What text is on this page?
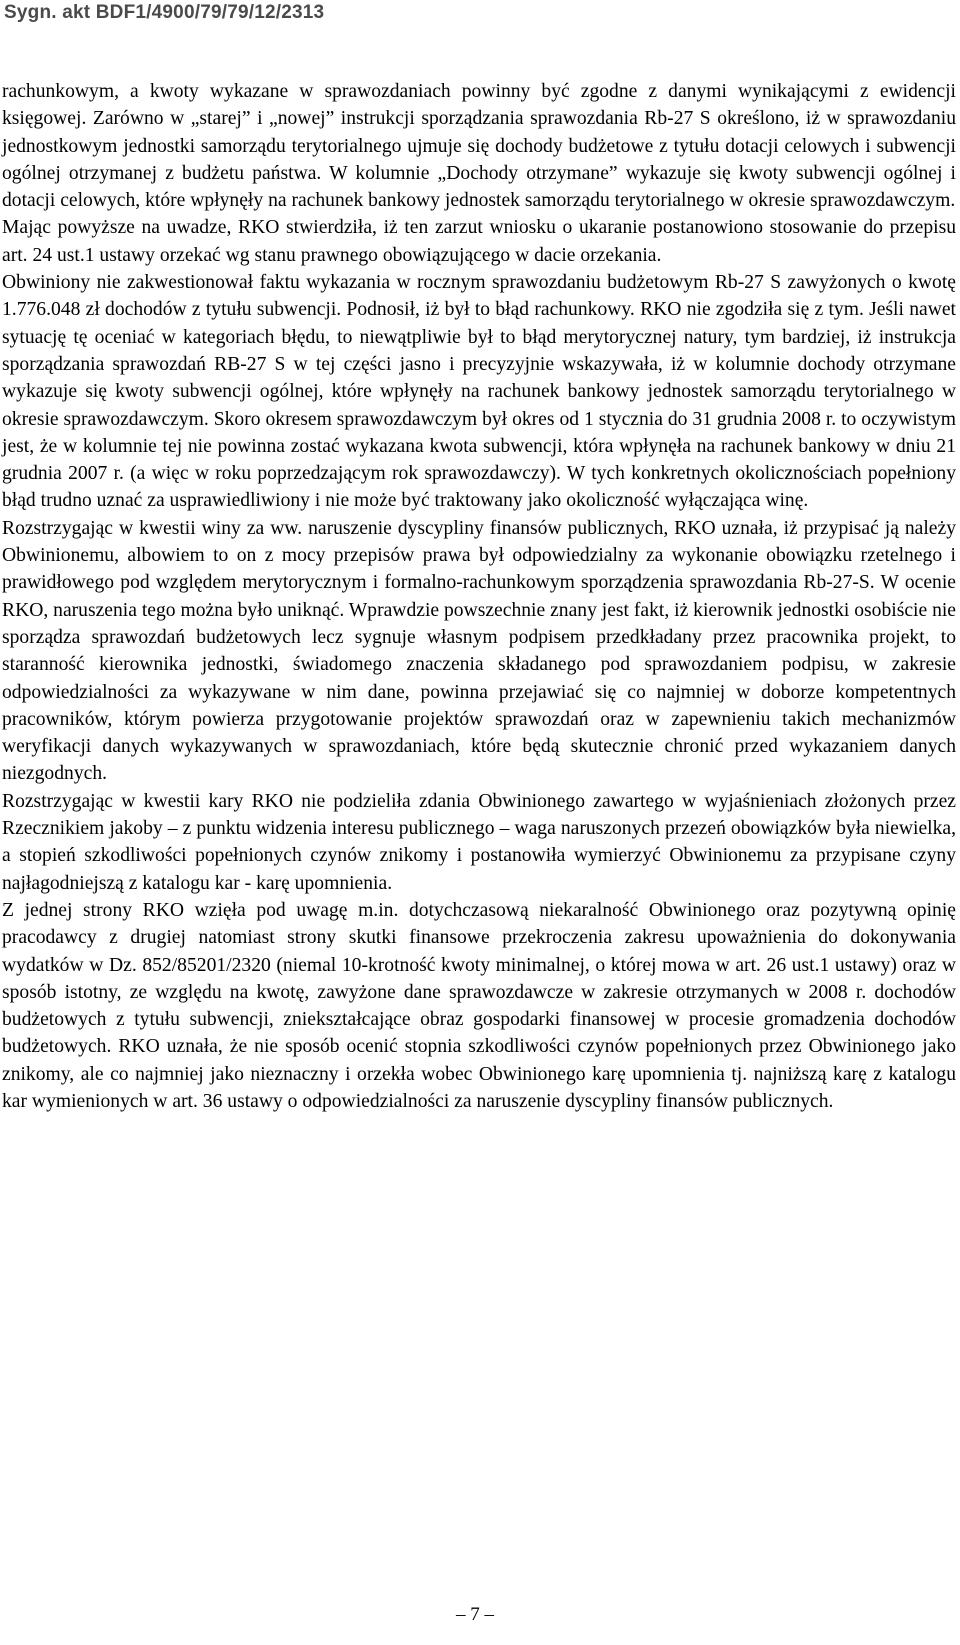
Sygn. akt BDF1/4900/79/79/12/2313

rachunkowym, a kwoty wykazane w sprawozdaniach powinny być zgodne z danymi wynikającymi z ewidencji księgowej. Zarówno w „starej” i „nowej” instrukcji sporządzania sprawozdania Rb-27 S określono, iż w sprawozdaniu jednostkowym jednostki samorządu terytorialnego ujmuje się dochody budżetowe z tytułu dotacji celowych i subwencji ogólnej otrzymanej z budżetu państwa. W kolumnie „Dochody otrzymane” wykazuje się kwoty subwencji ogólnej i dotacji celowych, które wpłynęły na rachunek bankowy jednostek samorządu terytorialnego w okresie sprawozdawczym.

Mając powyższe na uwadze, RKO stwierdziła, iż ten zarzut wniosku o ukaranie postanowiono stosowanie do przepisu art. 24 ust.1 ustawy orzekać wg stanu prawnego obowiązującego w dacie orzekania.

Obwiniony nie zakwestionował faktu wykazania w rocznym sprawozdaniu budżetowym Rb-27 S zawyżonych o kwotę 1.776.048 zł dochodów z tytułu subwencji. Podnosił, iż był to błąd rachunkowy. RKO nie zgodziła się z tym. Jeśli nawet sytuację tę oceniać w kategoriach błędu, to niewątpliwie był to błąd merytorycznej natury, tym bardziej, iż instrukcja sporządzania sprawozdań RB-27 S w tej części jasno i precyzyjnie wskazywała, iż w kolumnie dochody otrzymane wykazuje się kwoty subwencji ogólnej, które wpłynęły na rachunek bankowy jednostek samorządu terytorialnego w okresie sprawozdawczym. Skoro okresem sprawozdawczym był okres od 1 stycznia do 31 grudnia 2008 r. to oczywistym jest, że w kolumnie tej nie powinna zostać wykazana kwota subwencji, która wpłynęła na rachunek bankowy w dniu 21 grudnia 2007 r. (a więc w roku poprzedzającym rok sprawozdawczy). W tych konkretnych okolicznościach popełniony błąd trudno uznać za usprawiedliwiony i nie może być traktowany jako okoliczność wyłączająca winę.

Rozstrzygając w kwestii winy za ww. naruszenie dyscypliny finansów publicznych, RKO uznała, iż przypisać ją należy Obwinionemu, albowiem to on z mocy przepisów prawa był odpowiedzialny za wykonanie obowiązku rzetelnego i prawidłowego pod względem merytorycznym i formalno-rachunkowym sporządzenia sprawozdania Rb-27-S. W ocenie RKO, naruszenia tego można było uniknąć. Wprawdzie powszechnie znany jest fakt, iż kierownik jednostki osobiście nie sporządza sprawozdań budżetowych lecz sygnuje własnym podpisem przedkładany przez pracownika projekt, to staranność kierownika jednostki, świadomego znaczenia składanego pod sprawozdaniem podpisu, w zakresie odpowiedzialności za wykazywane w nim dane, powinna przejawiać się co najmniej w doborze kompetentnych pracowników, którym powierza przygotowanie projektów sprawozdań oraz w zapewnieniu takich mechanizmów weryfikacji danych wykazywanych w sprawozdaniach, które będą skutecznie chronić przed wykazaniem danych niezgodnych.

Rozstrzygając w kwestii kary RKO nie podzieliła zdania Obwinionego zawartego w wyjaśnieniach złożonych przez Rzecznikiem jakoby – z punktu widzenia interesu publicznego – waga naruszonych przezeń obowiązków była niewielka, a stopień szkodliwości popełnionych czynów znikomy i postanowiła wymierzyć Obwinionemu za przypisane czyny najłagodniejszą z katalogu kar - karę upomnienia.

Z jednej strony RKO wzięła pod uwagę m.in. dotychczasową niekaralność Obwinionego oraz pozytywną opinię pracodawcy z drugiej natomiast strony skutki finansowe przekroczenia zakresu upoważnienia do dokonywania wydatków w Dz. 852/85201/2320 (niemal 10-krotność kwoty minimalnej, o której mowa w art. 26 ust.1 ustawy) oraz w sposób istotny, ze względu na kwotę, zawyżone dane sprawozdawcze w zakresie otrzymanych w 2008 r. dochodów budżetowych z tytułu subwencji, zniekształcające obraz gospodarki finansowej w procesie gromadzenia dochodów budżetowych. RKO uznała, że nie sposób ocenić stopnia szkodliwości czynów popełnionych przez Obwinionego jako znikomy, ale co najmniej jako nieznaczny i orzekła wobec Obwinionego karę upomnienia tj. najniższą karę z katalogu kar wymienionych w art. 36 ustawy o odpowiedzialności za naruszenie dyscypliny finansów publicznych.

– 7 –
